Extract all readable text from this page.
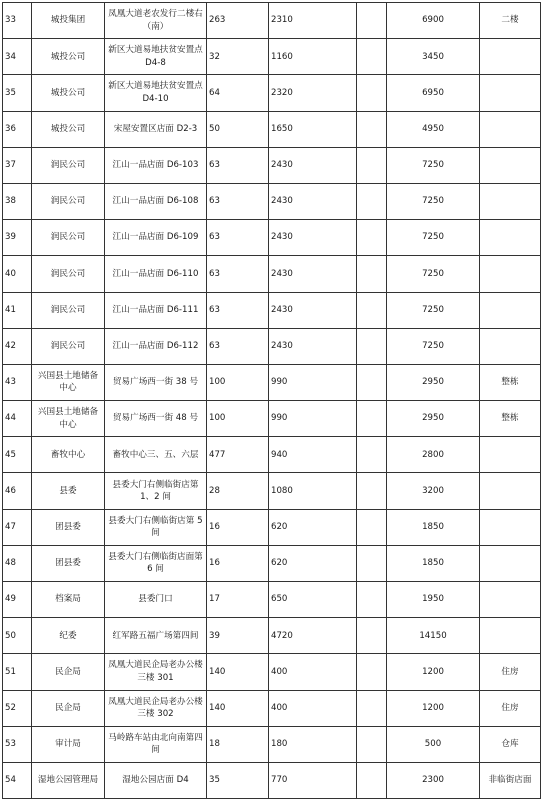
33	城投集团	凤凰大道老农发行二楼右（南）	263	2310		6900	二楼
34	城投公司	新区大道易地扶贫安置点 D4-8	32	1160		3450	
35	城投公司	新区大道易地扶贫安置点 D4-10	64	2320		6950	
36	城投公司	宋屋安置区店面 D2-3	50	1650		4950	
37	润民公司	江山一品店面 D6-103	63	2430		7250	
38	润民公司	江山一品店面 D6-108	63	2430		7250	
39	润民公司	江山一品店面 D6-109	63	2430		7250	
40	润民公司	江山一品店面 D6-110	63	2430		7250	
41	润民公司	江山一品店面 D6-111	63	2430		7250	
42	润民公司	江山一品店面 D6-112	63	2430		7250	
43	兴国县土地储备中心	贸易广场西一街 38 号	100	990		2950	整栋
44	兴国县土地储备中心	贸易广场西一街 48 号	100	990		2950	整栋
45	畜牧中心	畜牧中心三、五、六层	477	940		2800	
46	县委	县委大门右侧临街店第 1、2 间	28	1080		3200	
47	团县委	县委大门右侧临街店第 5 间	16	620		1850	
48	团县委	县委大门右侧临街店面第 6 间	16	620		1850	
49	档案局	县委门口	17	650		1950	
50	纪委	红军路五福广场第四间	39	4720		14150	
51	民企局	凤凰大道民企局老办公楼三楼 301	140	400		1200	住房
52	民企局	凤凰大道民企局老办公楼三楼 302	140	400		1200	住房
53	审计局	马岭路车站由北向南第四间	18	180		500	仓库
54	湿地公园管理局	湿地公园店面 D4	35	770		2300	非临街店面
